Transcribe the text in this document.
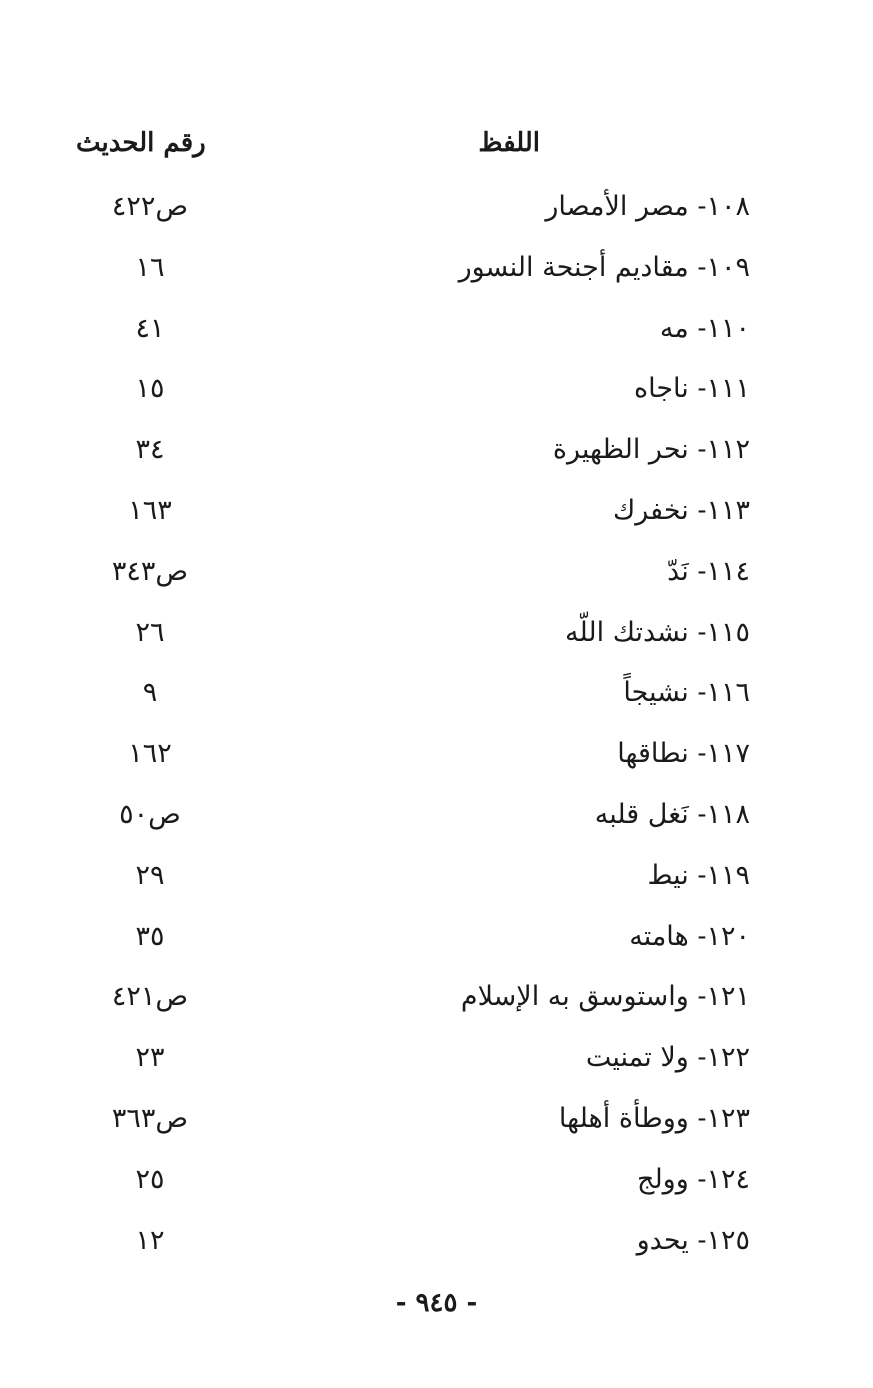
اللفظ
رقم الحديث
١٠٨- مصر الأمصار
ص٤٢٢
١٠٩- مقاديم أجنحة النسور
١٦
١١٠- مه
٤١
١١١- ناجاه
١٥
١١٢- نحر الظهيرة
٣٤
١١٣- نخفرك
١٦٣
١١٤- نَدّ
ص٣٤٣
١١٥- نشدتك اللّه
٢٦
١١٦- نشيجاً
٩
١١٧- نطاقها
١٦٢
١١٨- نَغل قلبه
ص٥٠
١١٩- نيط
٢٩
١٢٠- هامته
٣٥
١٢١- واستوسق به الإسلام
ص٤٢١
١٢٢- ولا تمنيت
٢٣
١٢٣- ووطأة أهلها
ص٣٦٣
١٢٤- وولج
٢٥
١٢٥- يحدو
١٢
- ٩٤٥ -
